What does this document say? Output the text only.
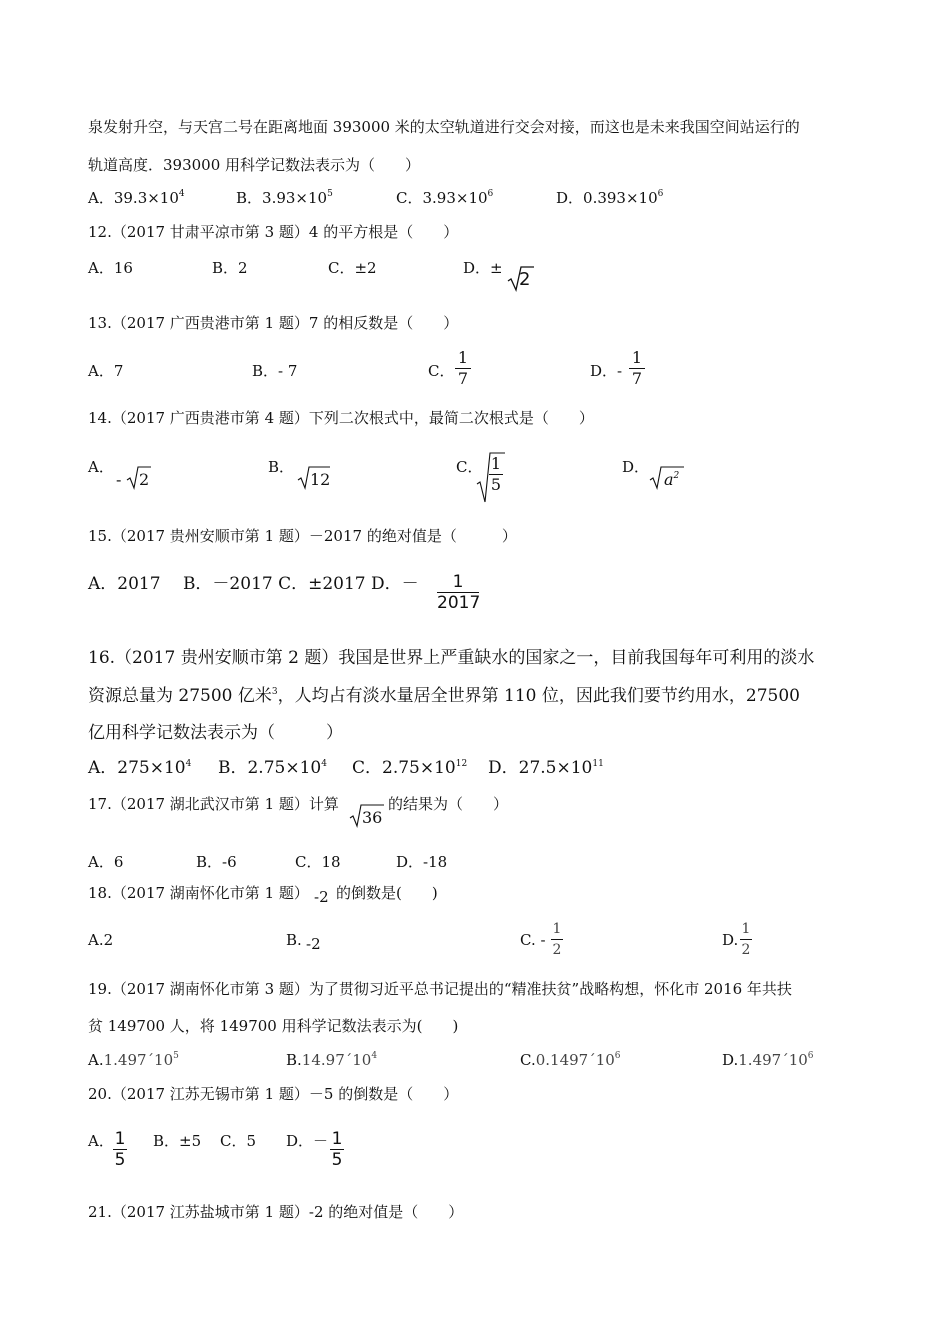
泉发射升空，与天宫二号在距离地面 393000 米的太空轨道进行交会对接，而这也是未来我国空间站运行的
轨道高度．393000 用科学记数法表示为（　　）
A．$39.3\times 10^4$	B．$3.93\times 10^5$	C．$3.93\times 10^6$	D．$0.393\times 10^6$
12.（2017 甘肃平凉市第 3 题）4 的平方根是（　　）
A．16	B．2	C．±2	D．±
2
13.（2017 广西贵港市第 1 题）7 的相反数是（　　）
A．7	B．- 7	C．
1
7	D．-
1
7
14.（2017 广西贵港市第 4 题）下列二次根式中，最简二次根式是（　　）
A．
- 2
B．
12
C． 1
5
D．
$a^2$
15.（2017 贵州安顺市第 1 题）－2017 的绝对值是（　　　）
A．2017　 B．－2017 C．±2017 D．－	1
2017
16.（2017 贵州安顺市第 2 题）我国是世界上严重缺水的国家之一，目前我国每年可利用的淡水
资源总量为 27500 亿米$^3$，人均占有淡水量居全世界第 110 位，因此我们要节约用水，27500
亿用科学记数法表示为（　　　）
A．$275\times 10^4$ B．$2.75\times 10^4$ C．$2.75\times 10^{12}$ D．$27.5\times 10^{11}$
17.（2017 湖北武汉市第 1 题）计算
36
的结果为（　　）
A．6	B．-6	C．18	D．-18
18.（2017 湖南怀化市第 1 题） -2 的倒数是(　　)
A.2	B. -2	C. -
1
2
D.
1
2
19.（2017 湖南怀化市第 3 题）为了贯彻习近平总书记提出的“精准扶贫”战略构想，怀化市 2016 年共扶
贫 149700 人，将 149700 用科学记数法表示为(　　)
$A.1.497´10^5$	$B.14.97´10^4$	$C.0.1497´10^6$	$D.1.497´10^6$
20.（2017 江苏无锡市第 1 题）－5 的倒数是（　　）
A． 1
5
B．±5 C．5 D．－ 1
5
21.（2017 江苏盐城市第 1 题）-2 的绝对值是（　　）
